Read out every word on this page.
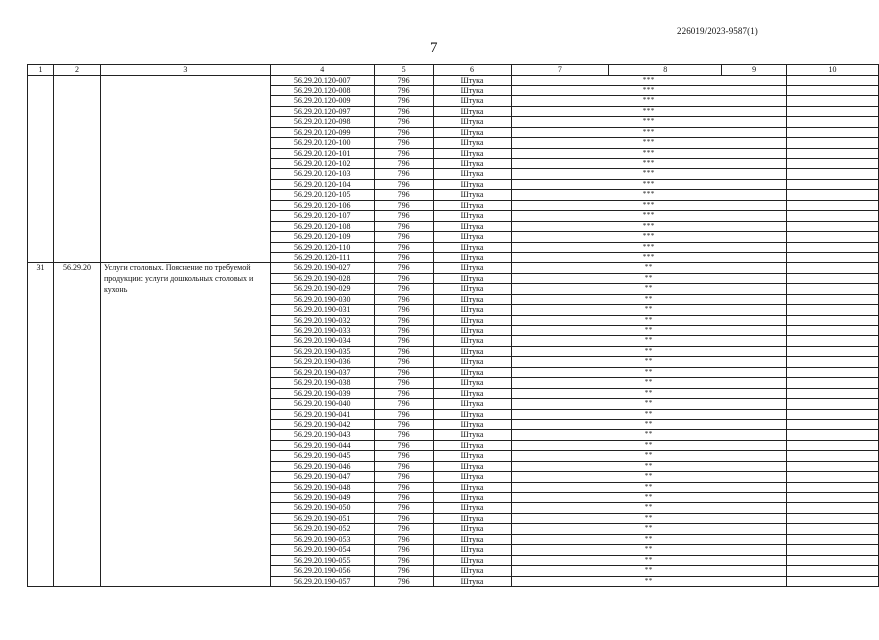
226019/2023-9587(1)
7
1	2	3	4	5	6	7	8	9	10
			56.29.20.120-007	796	Штука	***			
			56.29.20.120-008	796	Штука	***			
			56.29.20.120-009	796	Штука	***			
			56.29.20.120-097	796	Штука	***			
			56.29.20.120-098	796	Штука	***			
			56.29.20.120-099	796	Штука	***			
			56.29.20.120-100	796	Штука	***			
			56.29.20.120-101	796	Штука	***			
			56.29.20.120-102	796	Штука	***			
			56.29.20.120-103	796	Штука	***			
			56.29.20.120-104	796	Штука	***			
			56.29.20.120-105	796	Штука	***			
			56.29.20.120-106	796	Штука	***			
			56.29.20.120-107	796	Штука	***			
			56.29.20.120-108	796	Штука	***			
			56.29.20.120-109	796	Штука	***			
			56.29.20.120-110	796	Штука	***			
			56.29.20.120-111	796	Штука	***			
31	56.29.20	Услуги столовых. Пояснение по требуемой продукции: услуги дошкольных столовых и кухонь	56.29.20.190-027	796	Штука	**			
			56.29.20.190-028	796	Штука	**			
			56.29.20.190-029	796	Штука	**			
			56.29.20.190-030	796	Штука	**			
			56.29.20.190-031	796	Штука	**			
			56.29.20.190-032	796	Штука	**			
			56.29.20.190-033	796	Штука	**			
			56.29.20.190-034	796	Штука	**			
			56.29.20.190-035	796	Штука	**			
			56.29.20.190-036	796	Штука	**			
			56.29.20.190-037	796	Штука	**			
			56.29.20.190-038	796	Штука	**			
			56.29.20.190-039	796	Штука	**			
			56.29.20.190-040	796	Штука	**			
			56.29.20.190-041	796	Штука	**			
			56.29.20.190-042	796	Штука	**			
			56.29.20.190-043	796	Штука	**			
			56.29.20.190-044	796	Штука	**			
			56.29.20.190-045	796	Штука	**			
			56.29.20.190-046	796	Штука	**			
			56.29.20.190-047	796	Штука	**			
			56.29.20.190-048	796	Штука	**			
			56.29.20.190-049	796	Штука	**			
			56.29.20.190-050	796	Штука	**			
			56.29.20.190-051	796	Штука	**			
			56.29.20.190-052	796	Штука	**			
			56.29.20.190-053	796	Штука	**			
			56.29.20.190-054	796	Штука	**			
			56.29.20.190-055	796	Штука	**			
			56.29.20.190-056	796	Штука	**			
			56.29.20.190-057	796	Штука	**			
